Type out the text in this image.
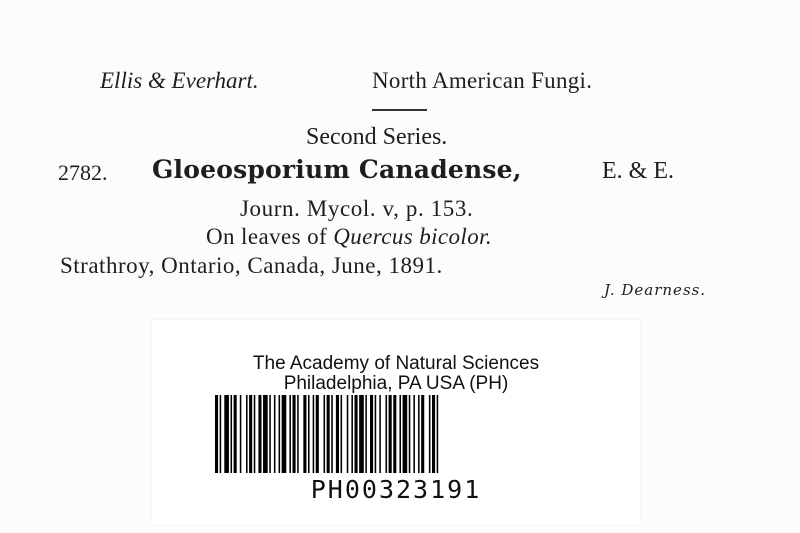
Ellis & Everhart.	North American Fungi.
Second Series.
2782. Gloeosporium Canadense,	E. & E.
Journ. Mycol. v, p. 153.
On leaves of Quercus bicolor.
Strathroy, Ontario, Canada, June, 1891.
J. Dearness.
The Academy of Natural Sciences
Philadelphia, PA USA (PH)
PH00323191
